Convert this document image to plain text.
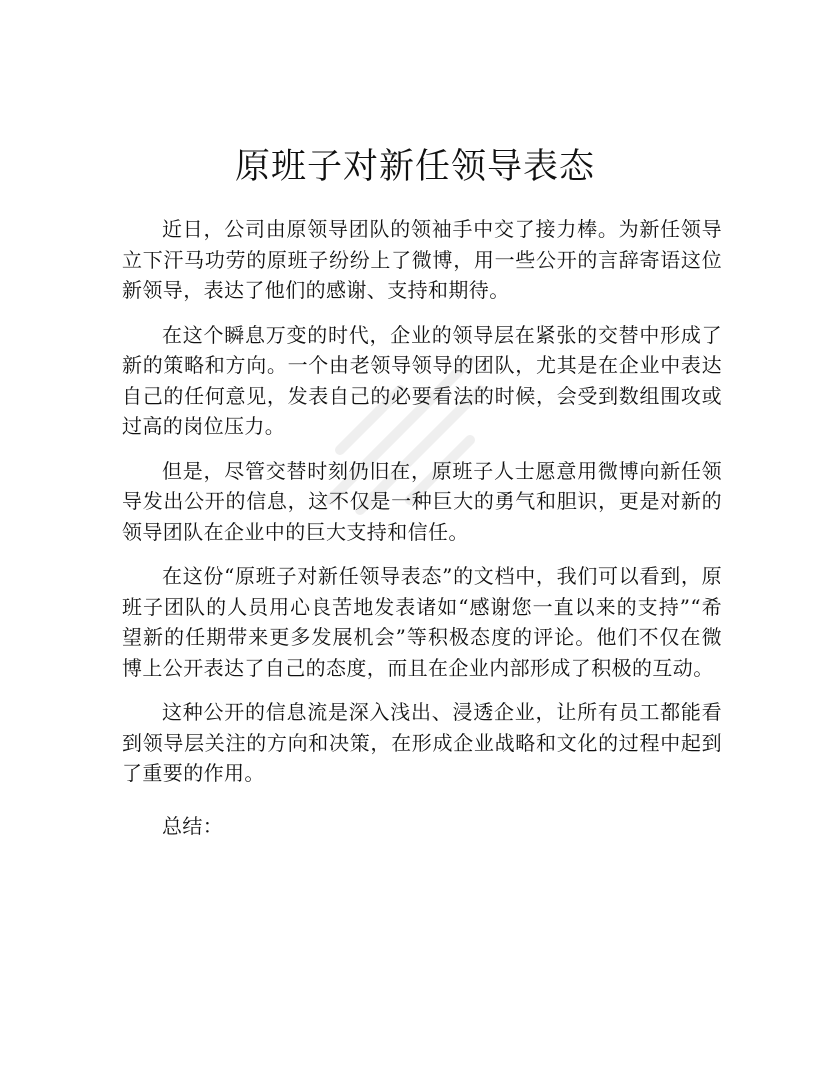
原班子对新任领导表态

近日，公司由原领导团队的领袖手中交了接力棒。为新任领导立下汗马功劳的原班子纷纷上了微博，用一些公开的言辞寄语这位新领导，表达了他们的感谢、支持和期待。

在这个瞬息万变的时代，企业的领导层在紧张的交替中形成了新的策略和方向。一个由老领导领导的团队，尤其是在企业中表达自己的任何意见，发表自己的必要看法的时候，会受到数组围攻或过高的岗位压力。

但是，尽管交替时刻仍旧在，原班子人士愿意用微博向新任领导发出公开的信息，这不仅是一种巨大的勇气和胆识，更是对新的领导团队在企业中的巨大支持和信任。

在这份“原班子对新任领导表态”的文档中，我们可以看到，原班子团队的人员用心良苦地发表诸如“感谢您一直以来的支持”“希望新的任期带来更多发展机会”等积极态度的评论。他们不仅在微博上公开表达了自己的态度，而且在企业内部形成了积极的互动。

这种公开的信息流是深入浅出、浸透企业，让所有员工都能看到领导层关注的方向和决策，在形成企业战略和文化的过程中起到了重要的作用。

总结：
